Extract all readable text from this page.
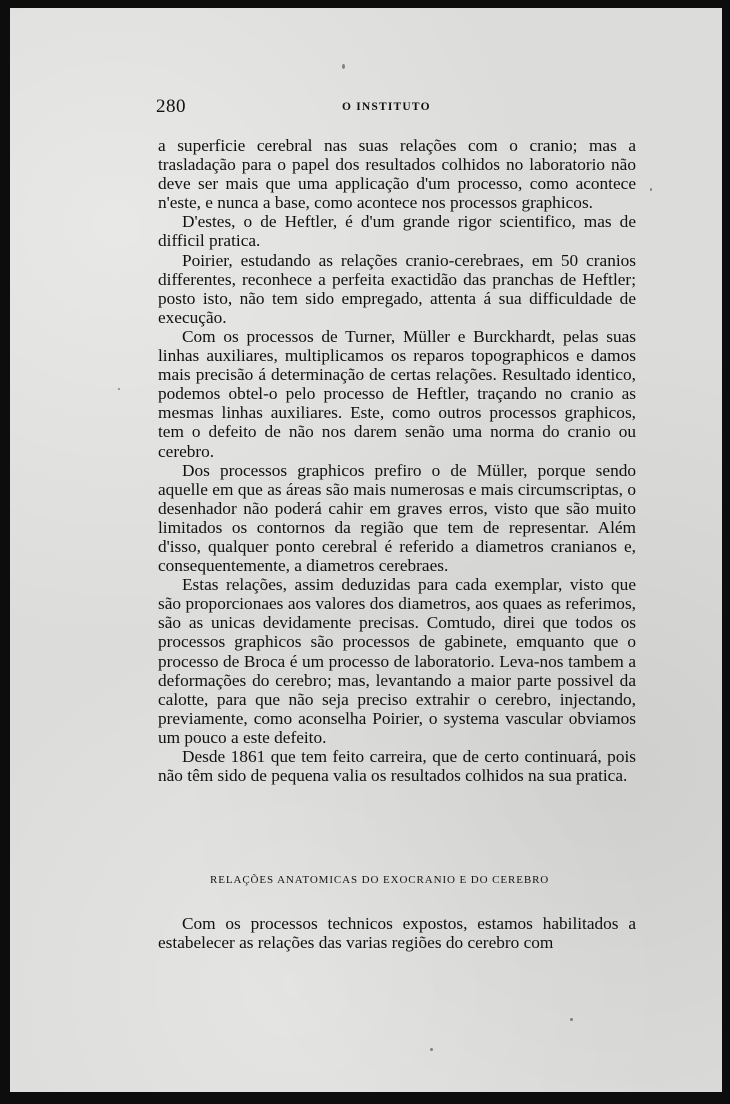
280	O INSTITUTO

a superficie cerebral nas suas relações com o cranio; mas a trasladação para o papel dos resultados colhidos no laboratorio não deve ser mais que uma applicação d'um processo, como acontece n'este, e nunca a base, como acontece nos processos graphicos.

D'estes, o de Heftler, é d'um grande rigor scientifico, mas de difficil pratica.

Poirier, estudando as relações cranio-cerebraes, em 50 cranios differentes, reconhece a perfeita exactidão das pranchas de Heftler; posto isto, não tem sido empregado, attenta á sua difficuldade de execução.

Com os processos de Turner, Müller e Burckhardt, pelas suas linhas auxiliares, multiplicamos os reparos topographicos e damos mais precisão á determinação de certas relações. Resultado identico, podemos obtel-o pelo processo de Heftler, traçando no cranio as mesmas linhas auxiliares. Este, como outros processos graphicos, tem o defeito de não nos darem senão uma norma do cranio ou cerebro.

Dos processos graphicos prefiro o de Müller, porque sendo aquelle em que as áreas são mais numerosas e mais circumscriptas, o desenhador não poderá cahir em graves erros, visto que são muito limitados os contornos da região que tem de representar. Além d'isso, qualquer ponto cerebral é referido a diametros cranianos e, consequentemente, a diametros cerebraes.

Estas relações, assim deduzidas para cada exemplar, visto que são proporcionaes aos valores dos diametros, aos quaes as referimos, são as unicas devidamente precisas. Comtudo, direi que todos os processos graphicos são processos de gabinete, emquanto que o processo de Broca é um processo de laboratorio. Leva-nos tambem a deformações do cerebro; mas, levantando a maior parte possivel da calotte, para que não seja preciso extrahir o cerebro, injectando, previamente, como aconselha Poirier, o systema vascular obviamos um pouco a este defeito.

Desde 1861 que tem feito carreira, que de certo continuará, pois não têm sido de pequena valia os resultados colhidos na sua pratica.

RELAÇÕES ANATOMICAS DO EXOCRANIO E DO CEREBRO

Com os processos technicos expostos, estamos habilitados a estabelecer as relações das varias regiões do cerebro com
